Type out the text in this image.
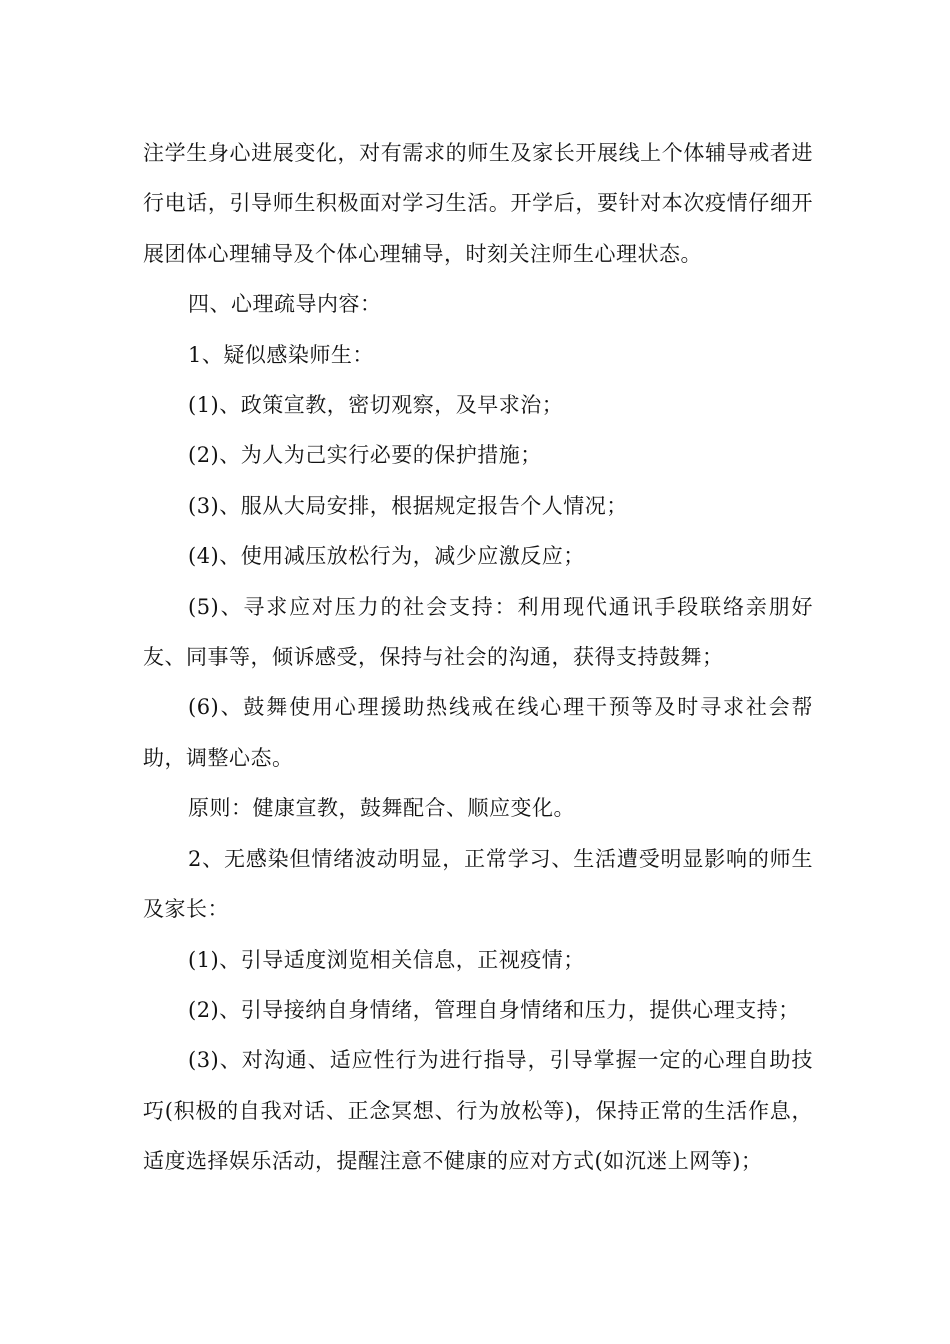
注学生身心进展变化，对有需求的师生及家长开展线上个体辅导戒者进行电话，引导师生积极面对学习生活。开学后，要针对本次疫情仔细开展团体心理辅导及个体心理辅导，时刻关注师生心理状态。

四、心理疏导内容：

1、疑似感染师生：

(1)、政策宣教，密切观察，及早求治；

(2)、为人为己实行必要的保护措施；

(3)、服从大局安排，根据规定报告个人情况；

(4)、使用减压放松行为，减少应激反应；

(5)、寻求应对压力的社会支持：利用现代通讯手段联络亲朋好友、同事等，倾诉感受，保持与社会的沟通，获得支持鼓舞；

(6)、鼓舞使用心理援助热线戒在线心理干预等及时寻求社会帮助，调整心态。

原则：健康宣教，鼓舞配合、顺应变化。

2、无感染但情绪波动明显，正常学习、生活遭受明显影响的师生及家长：

(1)、引导适度浏览相关信息，正视疫情；

(2)、引导接纳自身情绪，管理自身情绪和压力，提供心理支持；

(3)、对沟通、适应性行为进行指导，引导掌握一定的心理自助技巧(积极的自我对话、正念冥想、行为放松等)，保持正常的生活作息，适度选择娱乐活动，提醒注意不健康的应对方式(如沉迷上网等)；
